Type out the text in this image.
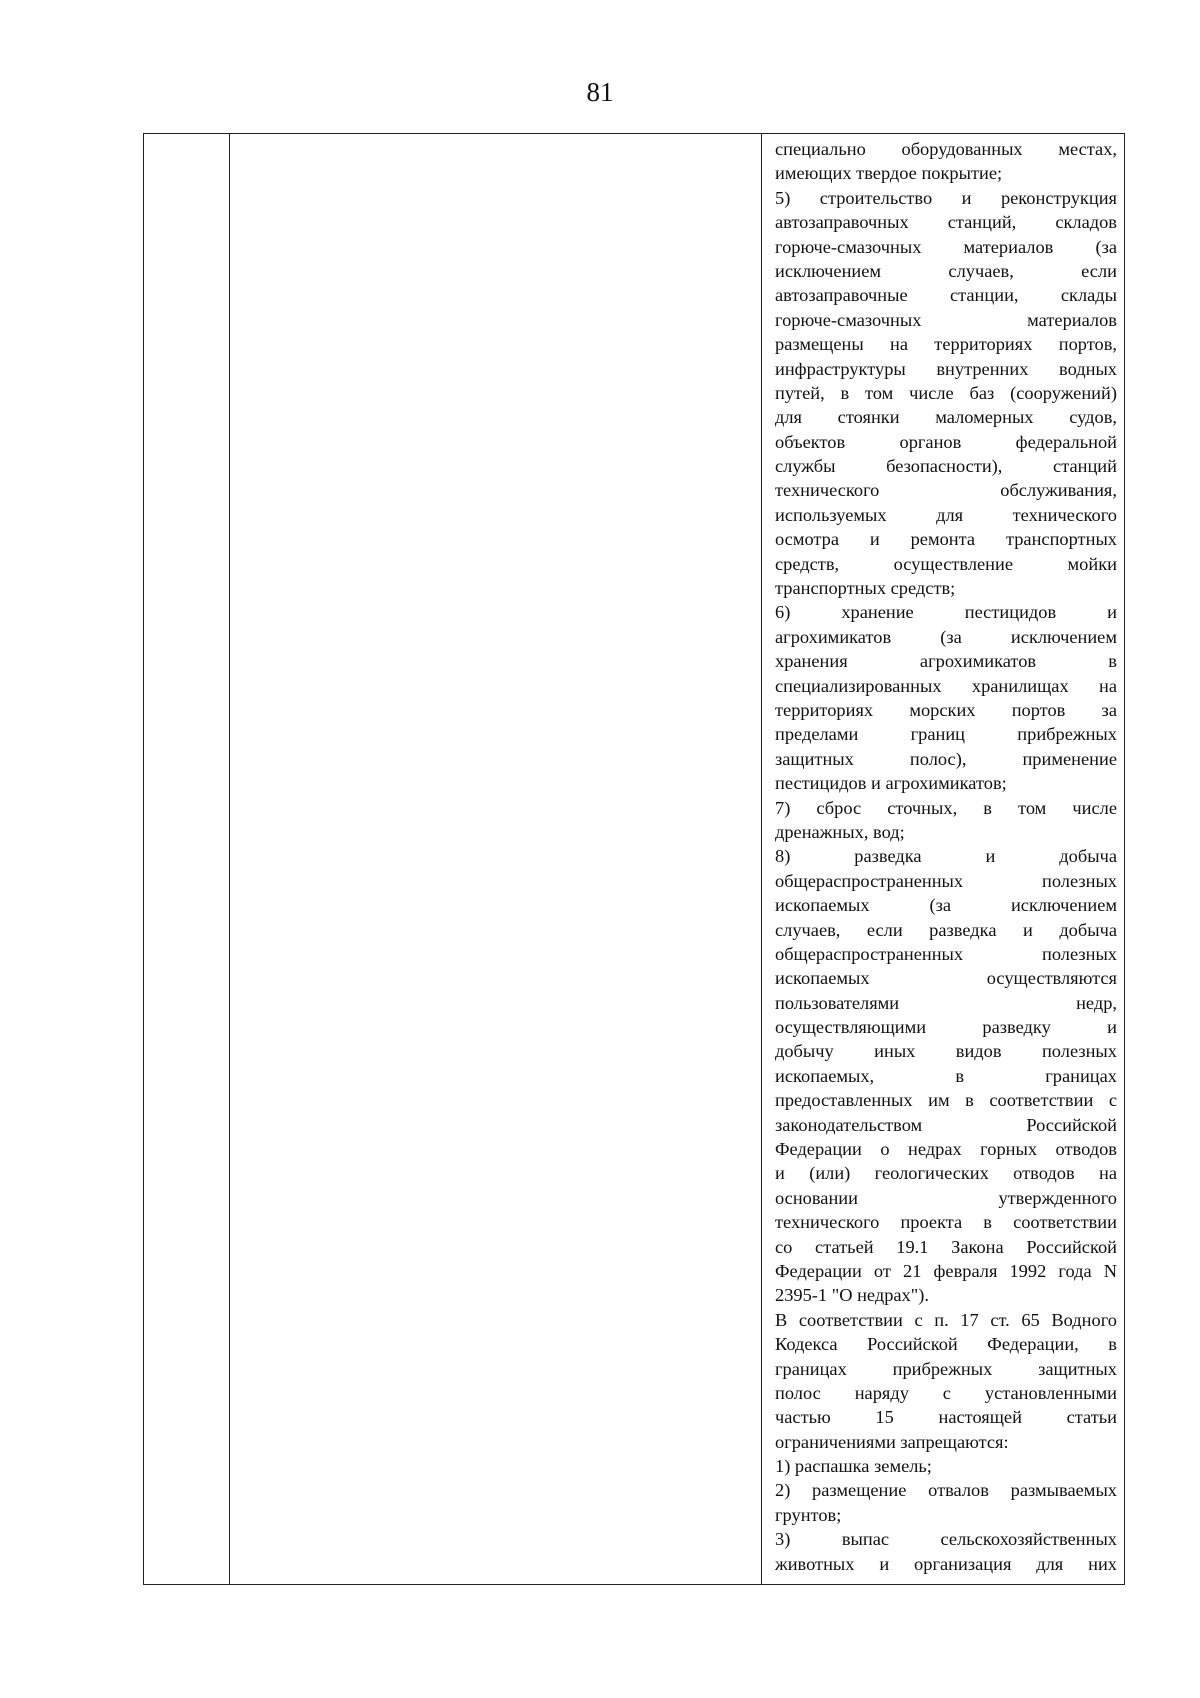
81
специально оборудованных местах,
имеющих твердое покрытие;
5) строительство и реконструкция
автозаправочных станций, складов
горюче-смазочных материалов (за
исключением случаев, если
автозаправочные станции, склады
горюче-смазочных материалов
размещены на территориях портов,
инфраструктуры внутренних водных
путей, в том числе баз (сооружений)
для стоянки маломерных судов,
объектов органов федеральной
службы безопасности), станций
технического обслуживания,
используемых для технического
осмотра и ремонта транспортных
средств, осуществление мойки
транспортных средств;
6) хранение пестицидов и
агрохимикатов (за исключением
хранения агрохимикатов в
специализированных хранилищах на
территориях морских портов за
пределами границ прибрежных
защитных полос), применение
пестицидов и агрохимикатов;
7) сброс сточных, в том числе
дренажных, вод;
8) разведка и добыча
общераспространенных полезных
ископаемых (за исключением
случаев, если разведка и добыча
общераспространенных полезных
ископаемых осуществляются
пользователями недр,
осуществляющими разведку и
добычу иных видов полезных
ископаемых, в границах
предоставленных им в соответствии с
законодательством Российской
Федерации о недрах горных отводов
и (или) геологических отводов на
основании утвержденного
технического проекта в соответствии
со статьей 19.1 Закона Российской
Федерации от 21 февраля 1992 года N
2395-1 "О недрах").
В соответствии с п. 17 ст. 65 Водного
Кодекса Российской Федерации, в
границах прибрежных защитных
полос наряду с установленными
частью 15 настоящей статьи
ограничениями запрещаются:
1) распашка земель;
2) размещение отвалов размываемых
грунтов;
3) выпас сельскохозяйственных
животных и организация для них
